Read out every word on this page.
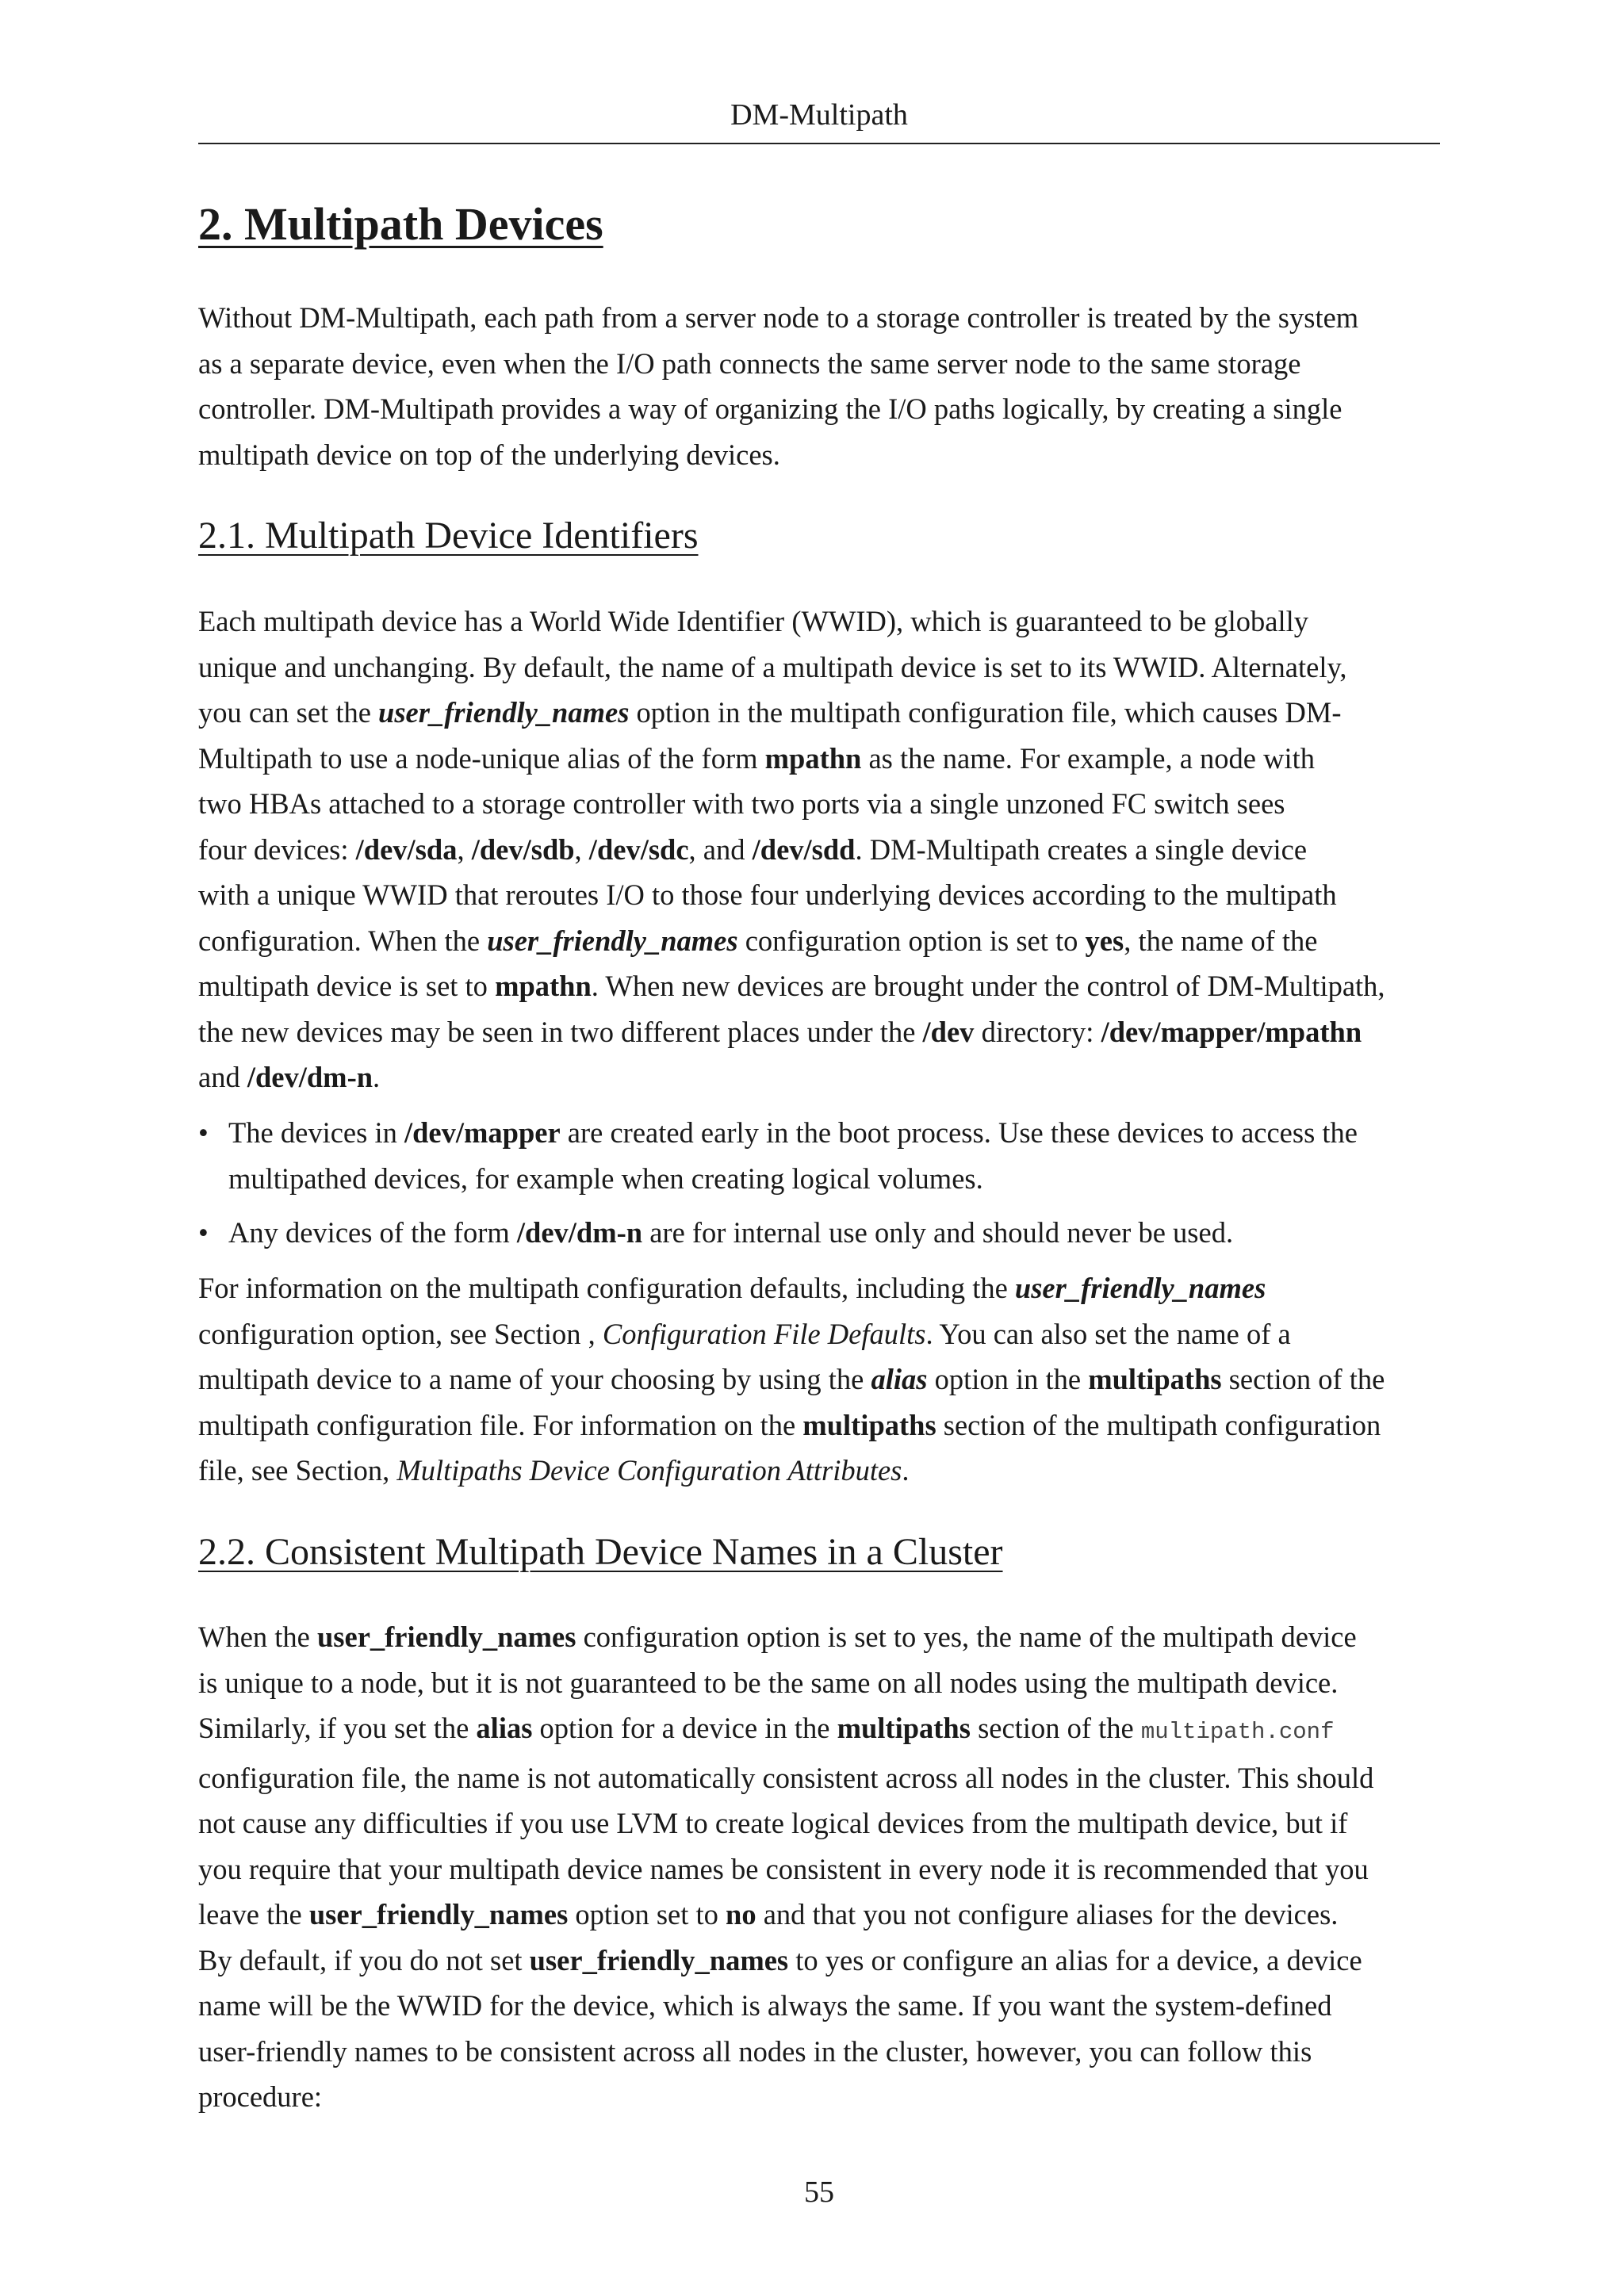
DM-Multipath
2. Multipath Devices
Without DM-Multipath, each path from a server node to a storage controller is treated by the system
as a separate device, even when the I/O path connects the same server node to the same storage
controller. DM-Multipath provides a way of organizing the I/O paths logically, by creating a single
multipath device on top of the underlying devices.
2.1. Multipath Device Identifiers
Each multipath device has a World Wide Identifier (WWID), which is guaranteed to be globally
unique and unchanging. By default, the name of a multipath device is set to its WWID. Alternately,
you can set the user_friendly_names option in the multipath configuration file, which causes DM-
Multipath to use a node-unique alias of the form mpathn as the name. For example, a node with
two HBAs attached to a storage controller with two ports via a single unzoned FC switch sees
four devices: /dev/sda, /dev/sdb, /dev/sdc, and /dev/sdd. DM-Multipath creates a single device
with a unique WWID that reroutes I/O to those four underlying devices according to the multipath
configuration. When the user_friendly_names configuration option is set to yes, the name of the
multipath device is set to mpathn. When new devices are brought under the control of DM-Multipath,
the new devices may be seen in two different places under the /dev directory: /dev/mapper/mpathn
and /dev/dm-n.
• The devices in /dev/mapper are created early in the boot process. Use these devices to access the
multipathed devices, for example when creating logical volumes.
• Any devices of the form /dev/dm-n are for internal use only and should never be used.
For information on the multipath configuration defaults, including the user_friendly_names
configuration option, see Section , Configuration File Defaults. You can also set the name of a
multipath device to a name of your choosing by using the alias option in the multipaths section of the
multipath configuration file. For information on the multipaths section of the multipath configuration
file, see Section, Multipaths Device Configuration Attributes.
2.2. Consistent Multipath Device Names in a Cluster
When the user_friendly_names configuration option is set to yes, the name of the multipath device
is unique to a node, but it is not guaranteed to be the same on all nodes using the multipath device.
Similarly, if you set the alias option for a device in the multipaths section of the multipath.conf
configuration file, the name is not automatically consistent across all nodes in the cluster. This should
not cause any difficulties if you use LVM to create logical devices from the multipath device, but if
you require that your multipath device names be consistent in every node it is recommended that you
leave the user_friendly_names option set to no and that you not configure aliases for the devices.
By default, if you do not set user_friendly_names to yes or configure an alias for a device, a device
name will be the WWID for the device, which is always the same. If you want the system-defined
user-friendly names to be consistent across all nodes in the cluster, however, you can follow this
procedure:
55
